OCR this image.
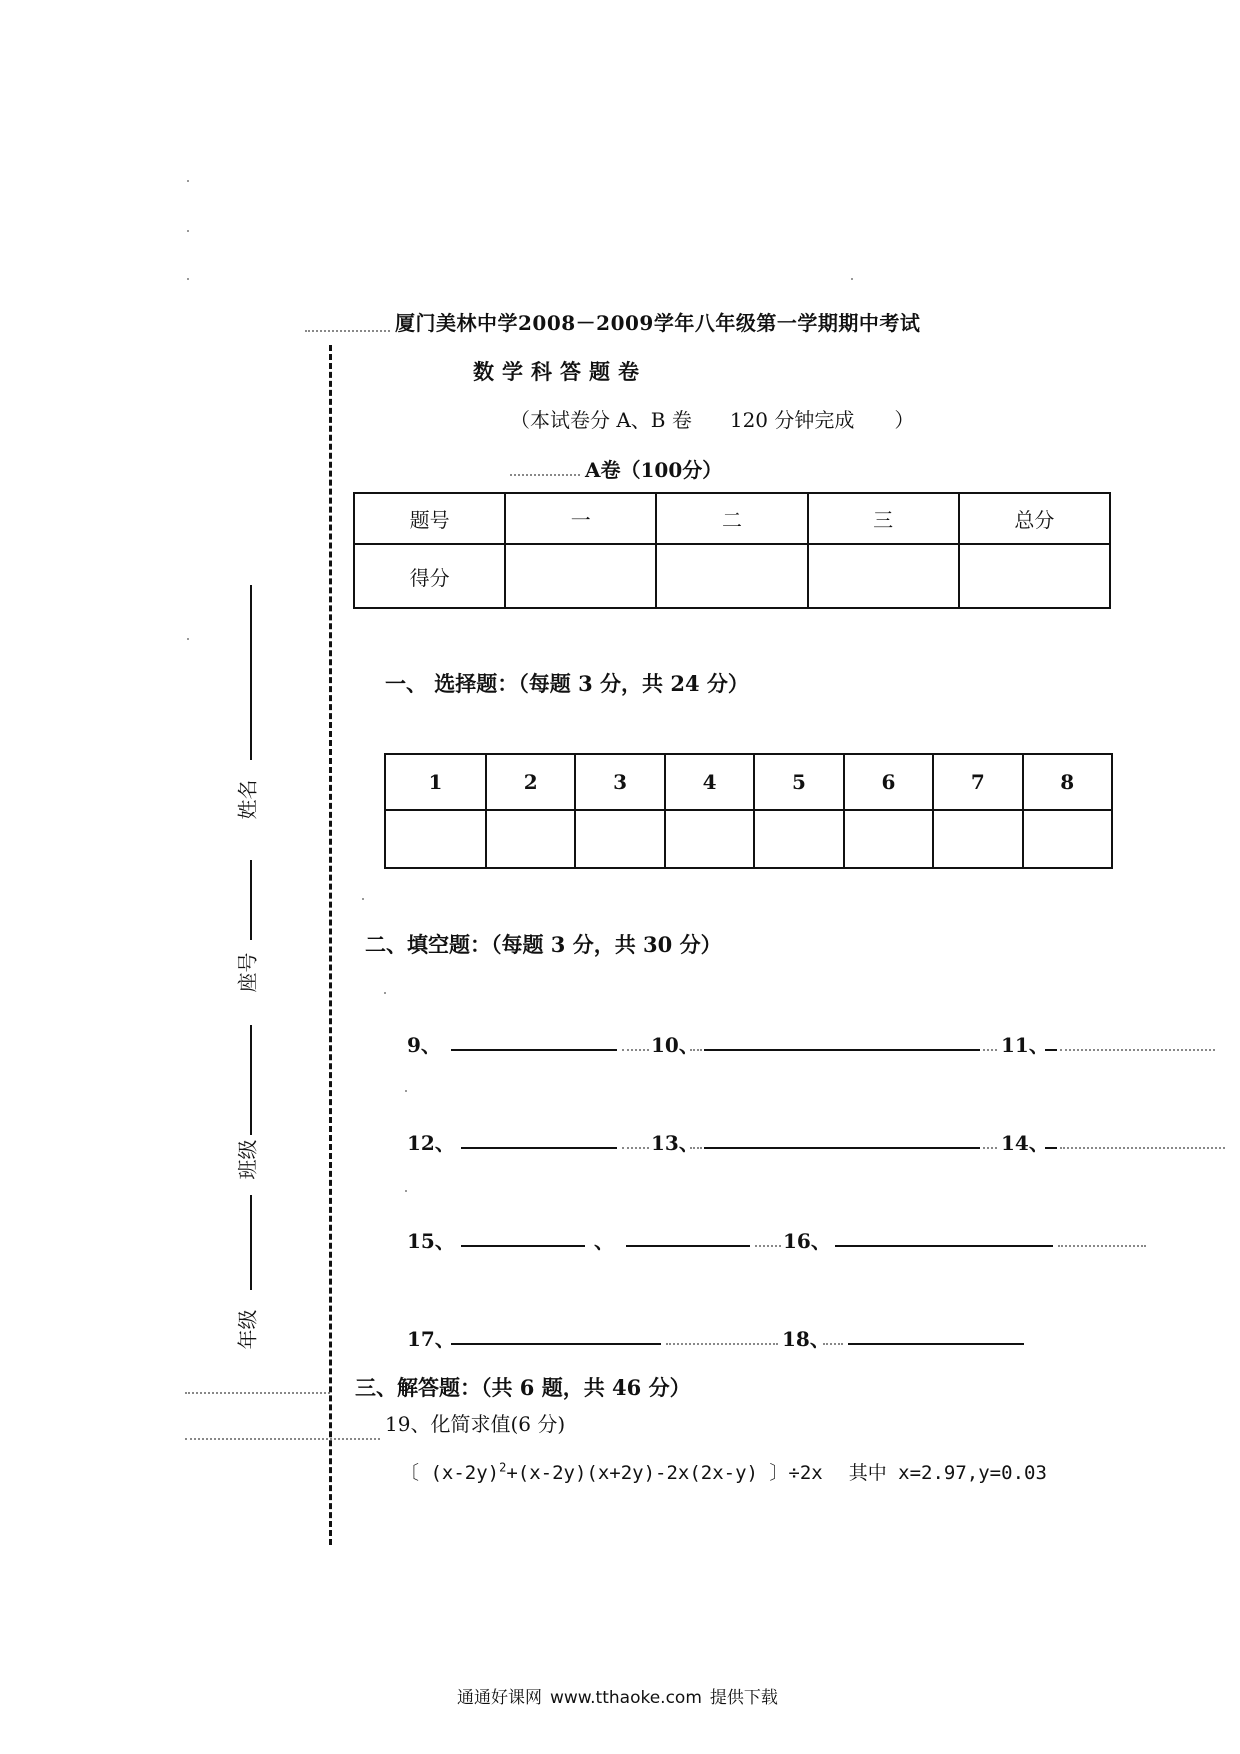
厦门美林中学2008－2009学年八年级第一学期期中考试
数学科答题卷
（本试卷分 A、B 卷 120 分钟完成 ）
A卷（100分）
题号	一	二	三	总分
得分				
一、 选择题：（每题 3 分，共 24 分）
1	2	3	4	5	6	7	8

二、填空题：（每题 3 分，共 30 分）
9、	10、	11、
12、	13、	14、
15、	、	16、
17、	18、
三、解答题：（共 6 题，共 46 分）
19、化简求值(6 分)
〔 $(x-2y)^2+(x-2y)(x+2y)-2x(2x-y)$ 〕÷2x 其中 x=2.97,y=0.03
姓名
座号
班级
年级
通通好课网 www.tthaoke.com 提供下载
